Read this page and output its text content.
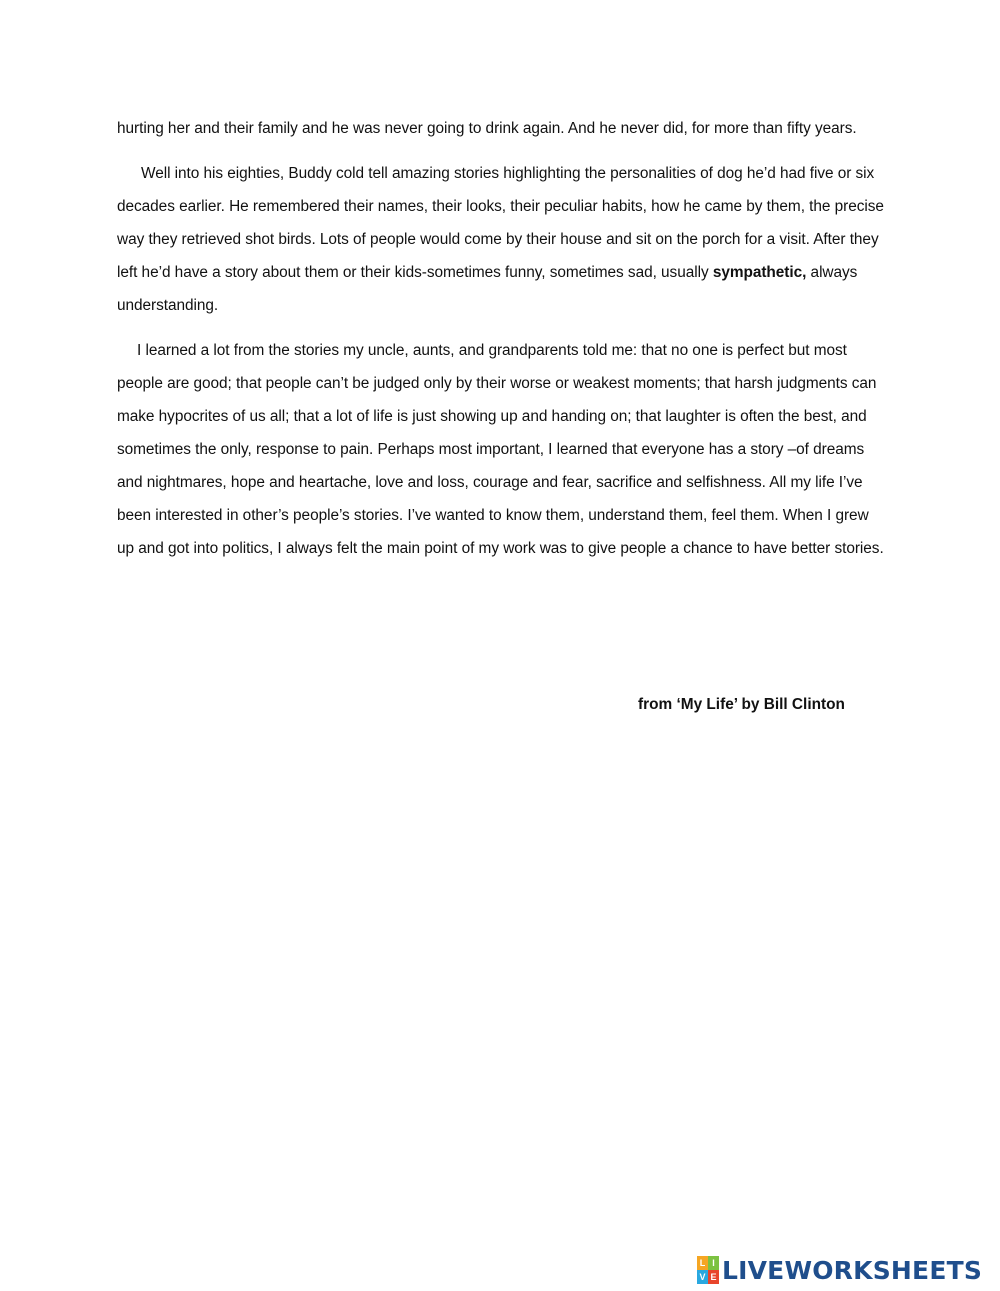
hurting her and their family and he was never going to drink again. And he never did, for more than fifty years.

Well into his eighties, Buddy cold tell amazing stories highlighting the personalities of dog he’d had five or six decades earlier. He remembered their names, their looks, their peculiar habits, how he came by them, the precise way they retrieved shot birds. Lots of people would come by their house and sit on the porch for a visit. After they left he’d have a story about them or their kids-sometimes funny, sometimes sad, usually sympathetic, always understanding.

I learned a lot from the stories my uncle, aunts, and grandparents told me: that no one is perfect but most people are good; that people can’t be judged only by their worse or weakest moments; that harsh judgments can make hypocrites of us all; that a lot of life is just showing up and handing on; that laughter is often the best, and sometimes the only, response to pain. Perhaps most important, I learned that everyone has a story –of dreams and nightmares, hope and heartache, love and loss, courage and fear, sacrifice and selfishness. All my life I’ve been interested in other’s people’s stories. I’ve wanted to know them, understand them, feel them. When I grew up and got into politics, I always felt the main point of my work was to give people a chance to have better stories.

from ‘My Life’ by Bill Clinton
L I
V E LIVEWORKSHEETS
